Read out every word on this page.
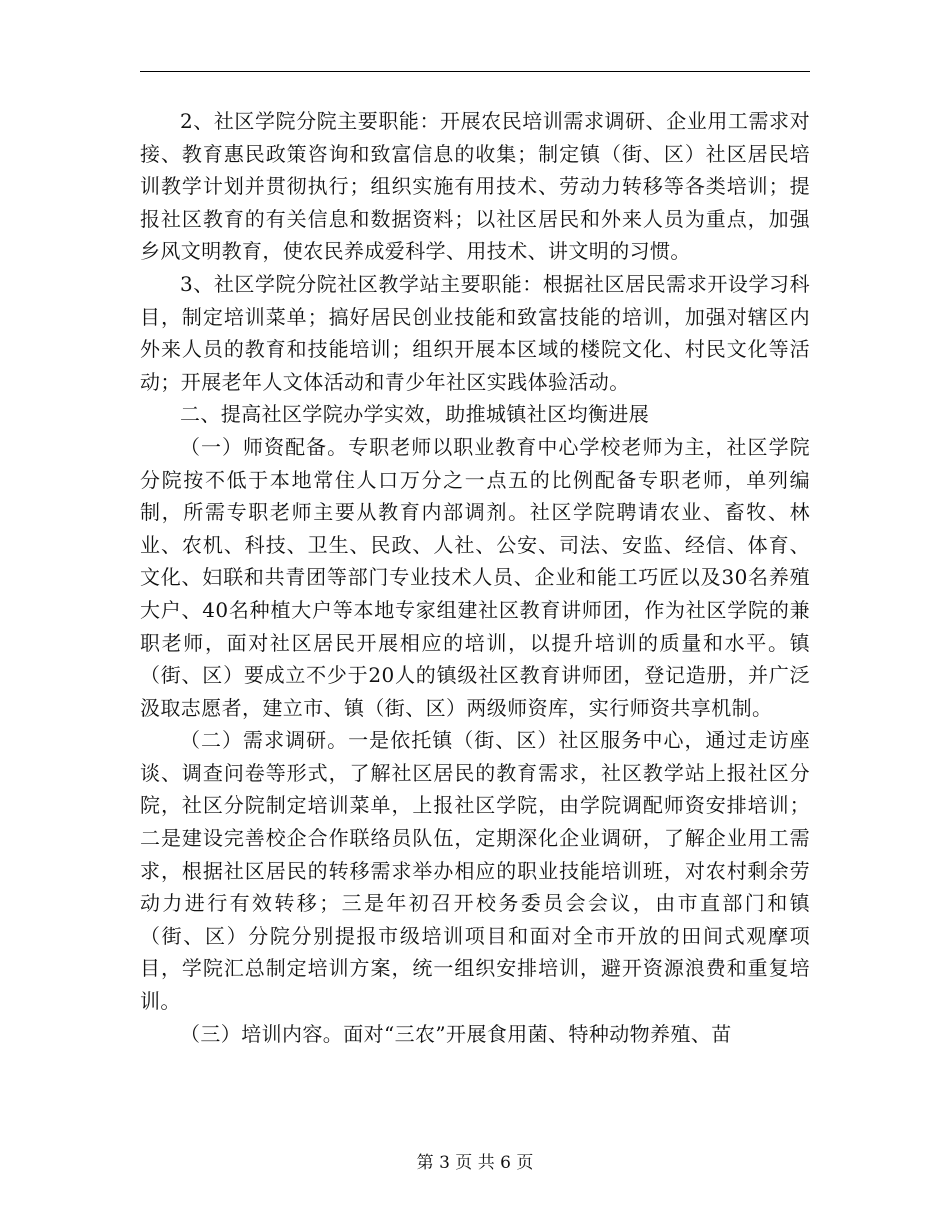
2、社区学院分院主要职能：开展农民培训需求调研、企业用工需求对接、教育惠民政策咨询和致富信息的收集；制定镇（街、区）社区居民培训教学计划并贯彻执行；组织实施有用技术、劳动力转移等各类培训；提报社区教育的有关信息和数据资料；以社区居民和外来人员为重点，加强乡风文明教育，使农民养成爱科学、用技术、讲文明的习惯。

3、社区学院分院社区教学站主要职能：根据社区居民需求开设学习科目，制定培训菜单；搞好居民创业技能和致富技能的培训，加强对辖区内外来人员的教育和技能培训；组织开展本区域的楼院文化、村民文化等活动；开展老年人文体活动和青少年社区实践体验活动。

二、提高社区学院办学实效，助推城镇社区均衡进展

（一）师资配备。专职老师以职业教育中心学校老师为主，社区学院分院按不低于本地常住人口万分之一点五的比例配备专职老师，单列编制，所需专职老师主要从教育内部调剂。社区学院聘请农业、畜牧、林业、农机、科技、卫生、民政、人社、公安、司法、安监、经信、体育、文化、妇联和共青团等部门专业技术人员、企业和能工巧匠以及30名养殖大户、40名种植大户等本地专家组建社区教育讲师团，作为社区学院的兼职老师，面对社区居民开展相应的培训，以提升培训的质量和水平。镇（街、区）要成立不少于20人的镇级社区教育讲师团，登记造册，并广泛汲取志愿者，建立市、镇（街、区）两级师资库，实行师资共享机制。

（二）需求调研。一是依托镇（街、区）社区服务中心，通过走访座谈、调查问卷等形式，了解社区居民的教育需求，社区教学站上报社区分院，社区分院制定培训菜单，上报社区学院，由学院调配师资安排培训；二是建设完善校企合作联络员队伍，定期深化企业调研，了解企业用工需求，根据社区居民的转移需求举办相应的职业技能培训班，对农村剩余劳动力进行有效转移；三是年初召开校务委员会会议，由市直部门和镇（街、区）分院分别提报市级培训项目和面对全市开放的田间式观摩项目，学院汇总制定培训方案，统一组织安排培训，避开资源浪费和重复培训。

（三）培训内容。面对“三农”开展食用菌、特种动物养殖、苗

第 3 页 共 6 页
